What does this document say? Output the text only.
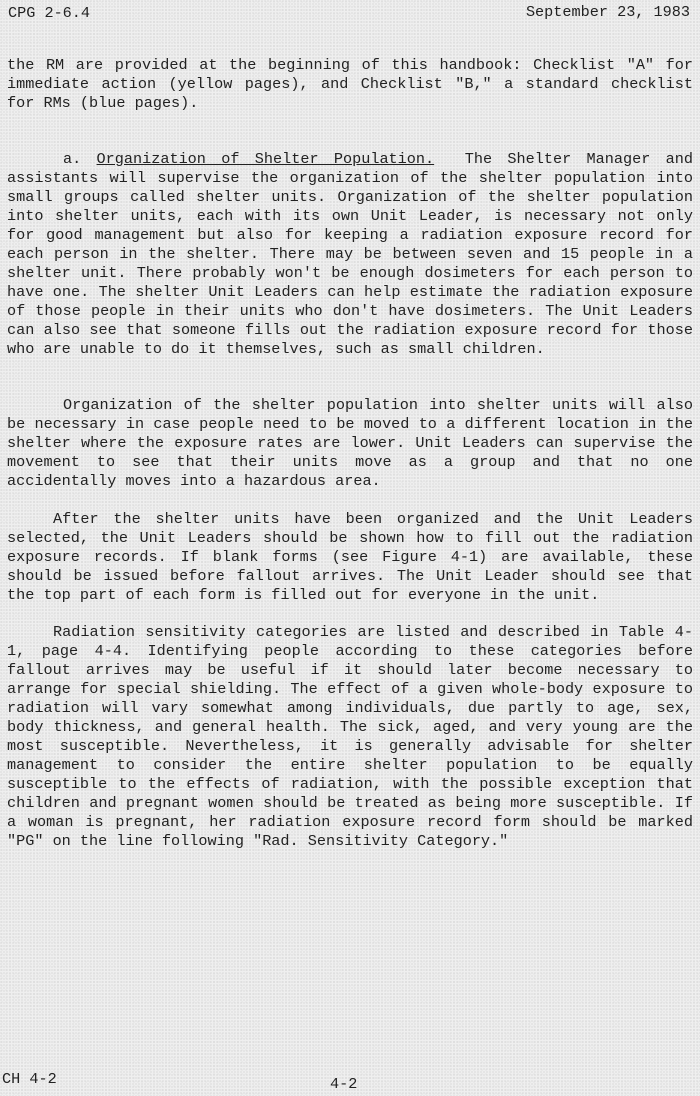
CPG 2-6.4	September 23, 1983

the RM are provided at the beginning of this handbook: Checklist "A" for immediate action (yellow pages), and Checklist "B," a standard checklist for RMs (blue pages).

a. Organization of Shelter Population. The Shelter Manager and assistants will supervise the organization of the shelter population into small groups called shelter units. Organization of the shelter population into shelter units, each with its own Unit Leader, is necessary not only for good management but also for keeping a radiation exposure record for each person in the shelter. There may be between seven and 15 people in a shelter unit. There probably won't be enough dosimeters for each person to have one. The shelter Unit Leaders can help estimate the radiation exposure of those people in their units who don't have dosimeters. The Unit Leaders can also see that someone fills out the radiation exposure record for those who are unable to do it themselves, such as small children.

Organization of the shelter population into shelter units will also be necessary in case people need to be moved to a different location in the shelter where the exposure rates are lower. Unit Leaders can supervise the movement to see that their units move as a group and that no one accidentally moves into a hazardous area.

After the shelter units have been organized and the Unit Leaders selected, the Unit Leaders should be shown how to fill out the radiation exposure records. If blank forms (see Figure 4-1) are available, these should be issued before fallout arrives. The Unit Leader should see that the top part of each form is filled out for everyone in the unit.

Radiation sensitivity categories are listed and described in Table 4-1, page 4-4. Identifying people according to these categories before fallout arrives may be useful if it should later become necessary to arrange for special shielding. The effect of a given whole-body exposure to radiation will vary somewhat among individuals, due partly to age, sex, body thickness, and general health. The sick, aged, and very young are the most susceptible. Nevertheless, it is generally advisable for shelter management to consider the entire shelter population to be equally susceptible to the effects of radiation, with the possible exception that children and pregnant women should be treated as being more susceptible. If a woman is pregnant, her radiation exposure record form should be marked "PG" on the line following "Rad. Sensitivity Category."

CH 4-2	4-2
